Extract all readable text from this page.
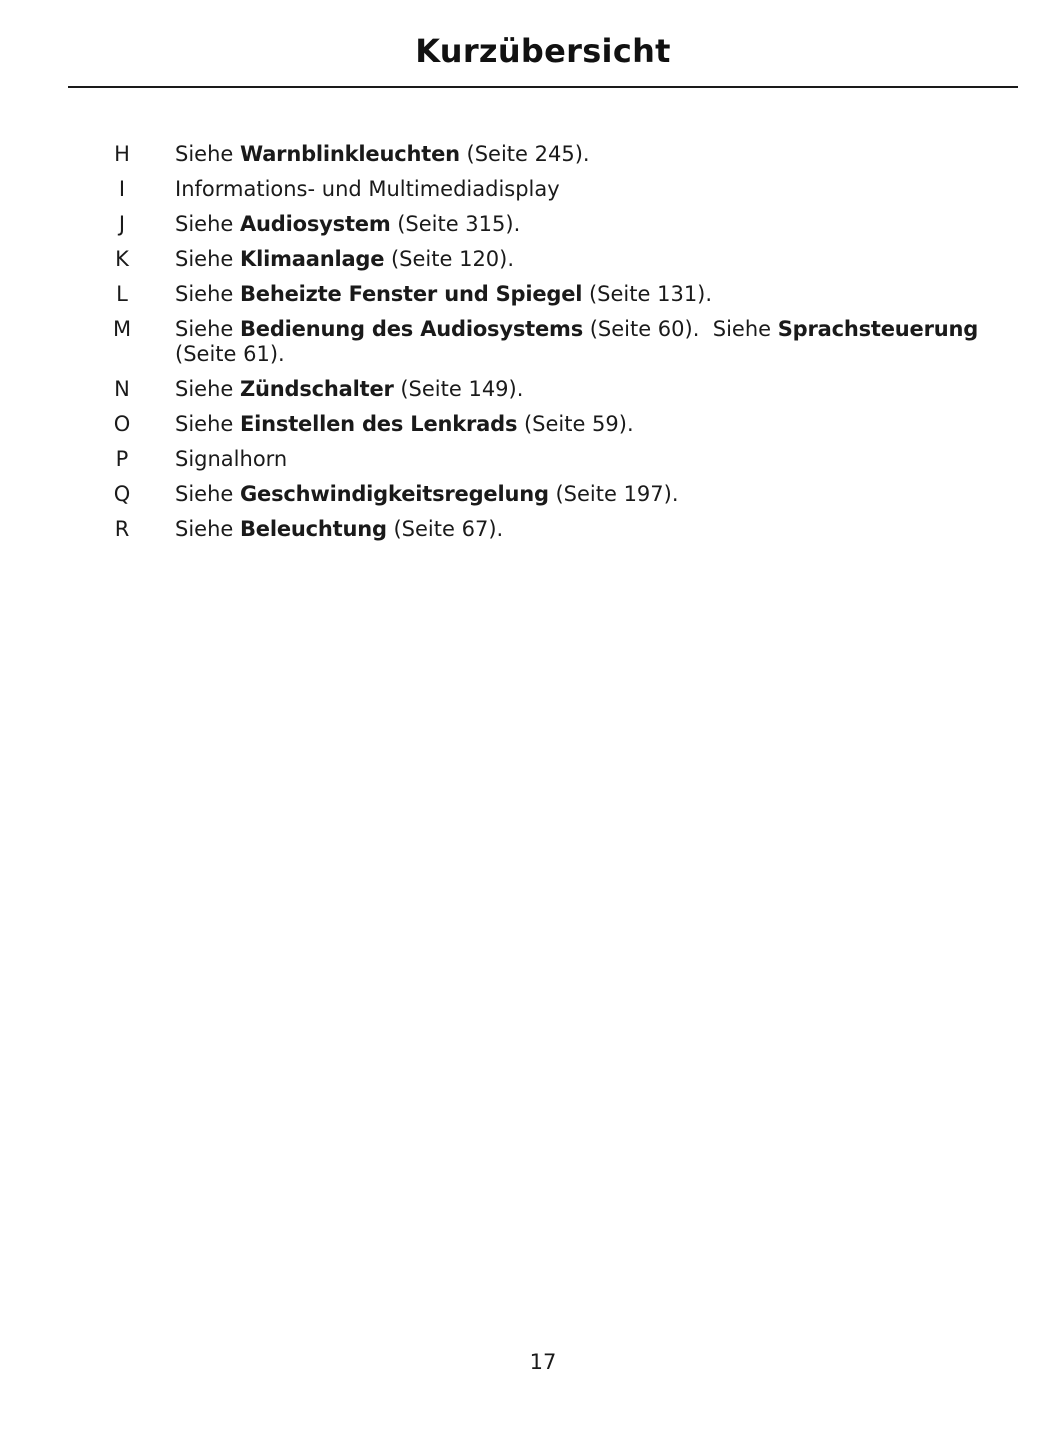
Kurzübersicht
H Siehe Warnblinkleuchten (Seite 245).
I	Informations- und Multimediadisplay
J	Siehe Audiosystem (Seite 315).
K	Siehe Klimaanlage (Seite 120).
L	Siehe Beheizte Fenster und Spiegel (Seite 131).
M Siehe Bedienung des Audiosystems (Seite 60).  Siehe Sprachsteuerung (Seite 61).
N Siehe Zündschalter (Seite 149).
O Siehe Einstellen des Lenkrads (Seite 59).
P	Signalhorn
Q Siehe Geschwindigkeitsregelung (Seite 197).
R	Siehe Beleuchtung (Seite 67).
17
